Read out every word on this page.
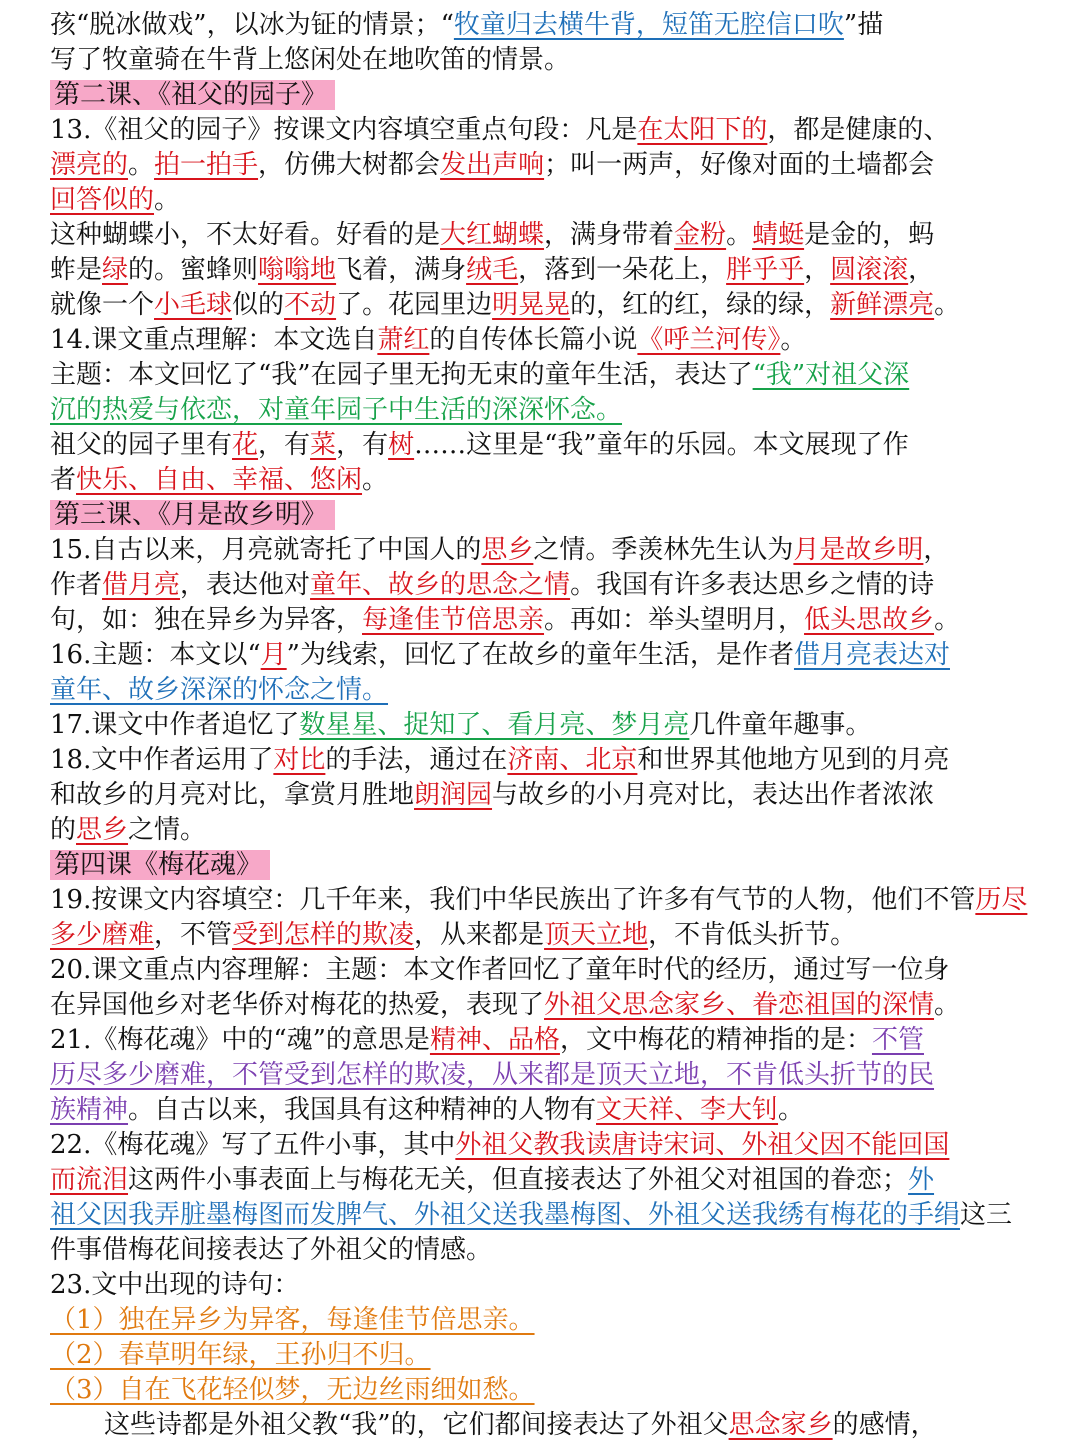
孩“脱冰做戏”，以冰为钲的情景；“牧童归去横牛背，短笛无腔信口吹”描
写了牧童骑在牛背上悠闲处在地吹笛的情景。
第二课、《祖父的园子》
13.《祖父的园子》按课文内容填空重点句段：凡是在太阳下的，都是健康的、
漂亮的。拍一拍手，仿佛大树都会发出声响；叫一两声，好像对面的土墙都会
回答似的。
这种蝴蝶小，不太好看。好看的是大红蝴蝶，满身带着金粉。蜻蜓是金的，蚂
蚱是绿的。蜜蜂则嗡嗡地飞着，满身绒毛，落到一朵花上，胖乎乎，圆滚滚，
就像一个小毛球似的不动了。花园里边明晃晃的，红的红，绿的绿，新鲜漂亮。
14.课文重点理解：本文选自萧红的自传体长篇小说《呼兰河传》。
主题：本文回忆了“我”在园子里无拘无束的童年生活，表达了“我”对祖父深
沉的热爱与依恋，对童年园子中生活的深深怀念。
祖父的园子里有花，有菜，有树……这里是“我”童年的乐园。本文展现了作
者快乐、自由、幸福、悠闲。
第三课、《月是故乡明》
15.自古以来，月亮就寄托了中国人的思乡之情。季羡林先生认为月是故乡明，
作者借月亮，表达他对童年、故乡的思念之情。我国有许多表达思乡之情的诗
句，如：独在异乡为异客，每逢佳节倍思亲。再如：举头望明月，低头思故乡。
16.主题：本文以“月”为线索，回忆了在故乡的童年生活，是作者借月亮表达对
童年、故乡深深的怀念之情。
17.课文中作者追忆了数星星、捉知了、看月亮、梦月亮几件童年趣事。
18.文中作者运用了对比的手法，通过在济南、北京和世界其他地方见到的月亮
和故乡的月亮对比，拿赏月胜地朗润园与故乡的小月亮对比，表达出作者浓浓
的思乡之情。
第四课《梅花魂》
19.按课文内容填空：几千年来，我们中华民族出了许多有气节的人物，他们不管历尽
多少磨难，不管受到怎样的欺凌，从来都是顶天立地，不肯低头折节。
20.课文重点内容理解：主题：本文作者回忆了童年时代的经历，通过写一位身
在异国他乡对老华侨对梅花的热爱，表现了外祖父思念家乡、眷恋祖国的深情。
21.《梅花魂》中的“魂”的意思是精神、品格，文中梅花的精神指的是：不管
历尽多少磨难，不管受到怎样的欺凌，从来都是顶天立地，不肯低头折节的民
族精神。自古以来，我国具有这种精神的人物有文天祥、李大钊。
22.《梅花魂》写了五件小事，其中外祖父教我读唐诗宋词、外祖父因不能回国
而流泪这两件小事表面上与梅花无关，但直接表达了外祖父对祖国的眷恋；外
祖父因我弄脏墨梅图而发脾气、外祖父送我墨梅图、外祖父送我绣有梅花的手绢这三
件事借梅花间接表达了外祖父的情感。
23.文中出现的诗句：
（1）独在异乡为异客，每逢佳节倍思亲。
（2）春草明年绿，王孙归不归。
（3）自在飞花轻似梦，无边丝雨细如愁。
这些诗都是外祖父教“我”的，它们都间接表达了外祖父思念家乡的感情，
